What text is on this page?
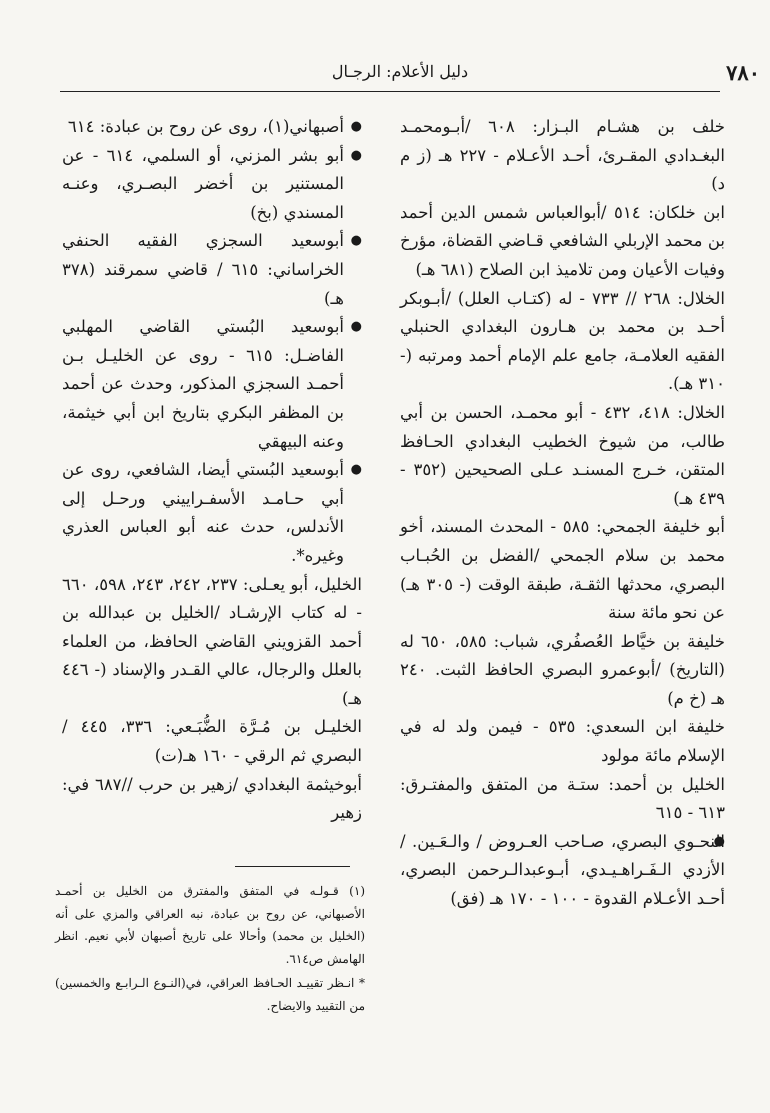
٧٨٠
دليل الأعلام: الرجـال

خلف بن هشـام البـزار: ٦٠٨ /أبـومحمـد البغـدادي المقـرئ، أحـد الأعـلام - ٢٢٧ هـ (ز م د)

ابن خلكان: ٥١٤ /أبوالعباس شمس الدين أحمد بن محمد الإربلي الشافعي قـاضي القضاة، مؤرخ وفيات الأعيان ومن تلاميذ ابن الصلاح (٦٨١ هـ)

الخلال: ٢٦٨ // ٧٣٣ - له (كتـاب العلل) /أبـوبكر أحـد بن محمد بن هـارون البغدادي الحنبلي الفقيه العلامـة، جامع علم الإمام أحمد ومرتبه (- ٣١٠ هـ).

الخلال: ٤١٨، ٤٣٢ - أبو محمـد، الحسن بن أبي طالب، من شيوخ الخطيب البغدادي الحـافظ المتقن، خـرج المسنـد عـلى الصحيحين (٣٥٢ - ٤٣٩ هـ)

أبو خليفة الجمحي: ٥٨٥ - المحدث المسند، أخو محمد بن سلام الجمحي /الفضل بن الحُبـاب البصري، محدثها الثقـة، طبقة الوقت (- ٣٠٥ هـ) عن نحو مائة سنة

خليفة بن خيَّاط العُصفُري، شباب: ٥٨٥، ٦٥٠ له (التاريخ) /أبوعمرو البصري الحافظ الثبت. ٢٤٠ هـ (خ م)

خليفة ابن السعدي: ٥٣٥ - فيمن ولد له في الإسلام مائة مولود

الخليل بن أحمد: ستـة من المتفق والمفتـرق: ٦١٣ - ٦١٥

● النحـوي البصري، صـاحب العـروض / والـعَـين. /الأزدي الـفَـراهـيـدي، أبـوعبدالـرحمن البصري، أحـد الأعـلام القدوة - ١٠٠ - ١٧٠ هـ (فق)

● أصبهاني(١)، روى عن روح بن عبادة: ٦١٤

● أبو بشر المزني، أو السلمي، ٦١٤ - عن المستنير بن أخضر البصـري، وعنـه المسندي (بخ)

● أبوسعيد السجزي الفقيه الحنفي الخراساني: ٦١٥ / قاضي سمرقند (٣٧٨ هـ)

● أبوسعيد البُستي القاضي المهلبي الفاضـل: ٦١٥ - روى عن الخليـل بـن أحمـد السجزي المذكور، وحدث عن أحمد بن المظفر البكري بتاريخ ابن أبي خيثمة، وعنه البيهقي

● أبوسعيد البُستي أيضا، الشافعي، روى عن أبي حـامـد الأسفـراييني ورحـل إلى الأندلس، حدث عنه أبو العباس العذري وغيره*.

الخليل، أبو يعـلى: ٢٣٧، ٢٤٢، ٢٤٣، ٥٩٨، ٦٦٠ - له كتاب الإرشـاد /الخليل بن عبدالله بن أحمد القزويني القاضي الحافظ، من العلماء بالعلل والرجال، عالي القـدر والإسناد (- ٤٤٦ هـ)

الخليـل بن مُـرَّة الضُّبَـعي: ٣٣٦، ٤٤٥ / البصري ثم الرقي - ١٦٠ هـ(ت)

أبوخيثمة البغدادي /زهير بن حرب //٦٨٧ في: زهير

(١) قـولـه في المتفق والمفترق من الخليل بن أحمـد الأصبهاني، عن روح بن عبادة، نبه العراقي والمزي على أنه (الخليل بن محمد) وأحالا على تاريخ أصبهان لأبي نعيم. انظر الهامش ص٦١٤.

* انـظر تقييـد الحـافظ العراقي، في(النـوع الـرابـع والخمسين) من التقييد والايضاح.
